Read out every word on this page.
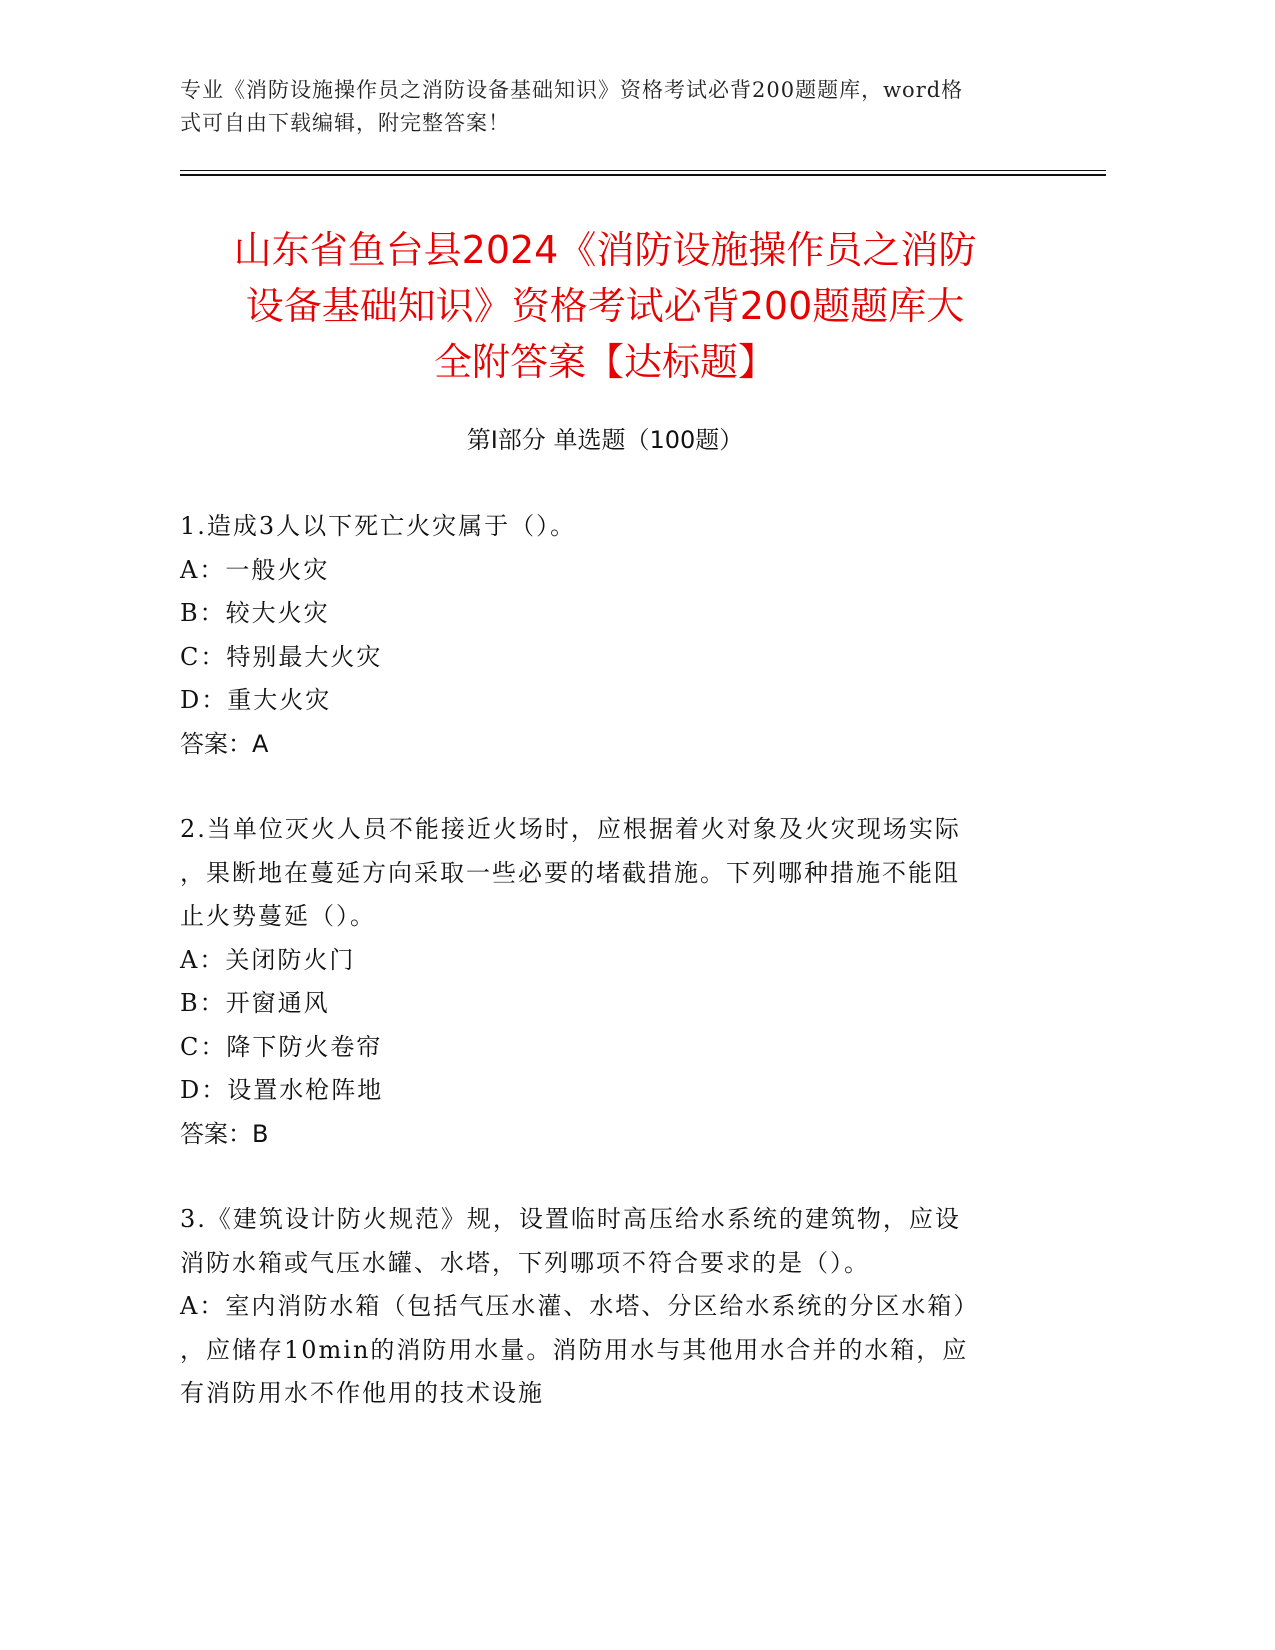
专业《消防设施操作员之消防设备基础知识》资格考试必背200题题库，word格
式可自由下载编辑，附完整答案！
山东省鱼台县2024《消防设施操作员之消防
设备基础知识》资格考试必背200题题库大
全附答案【达标题】
第Ⅰ部分 单选题（100题）
1.造成3人以下死亡火灾属于（）。
A：一般火灾
B：较大火灾
C：特别最大火灾
D：重大火灾
答案：A
2.当单位灭火人员不能接近火场时，应根据着火对象及火灾现场实际
，果断地在蔓延方向采取一些必要的堵截措施。下列哪种措施不能阻
止火势蔓延（）。
A：关闭防火门
B：开窗通风
C：降下防火卷帘
D：设置水枪阵地
答案：B
3.《建筑设计防火规范》规，设置临时高压给水系统的建筑物，应设
消防水箱或气压水罐、水塔，下列哪项不符合要求的是（）。
A：室内消防水箱（包括气压水灌、水塔、分区给水系统的分区水箱）
，应储存10min的消防用水量。消防用水与其他用水合并的水箱，应
有消防用水不作他用的技术设施
